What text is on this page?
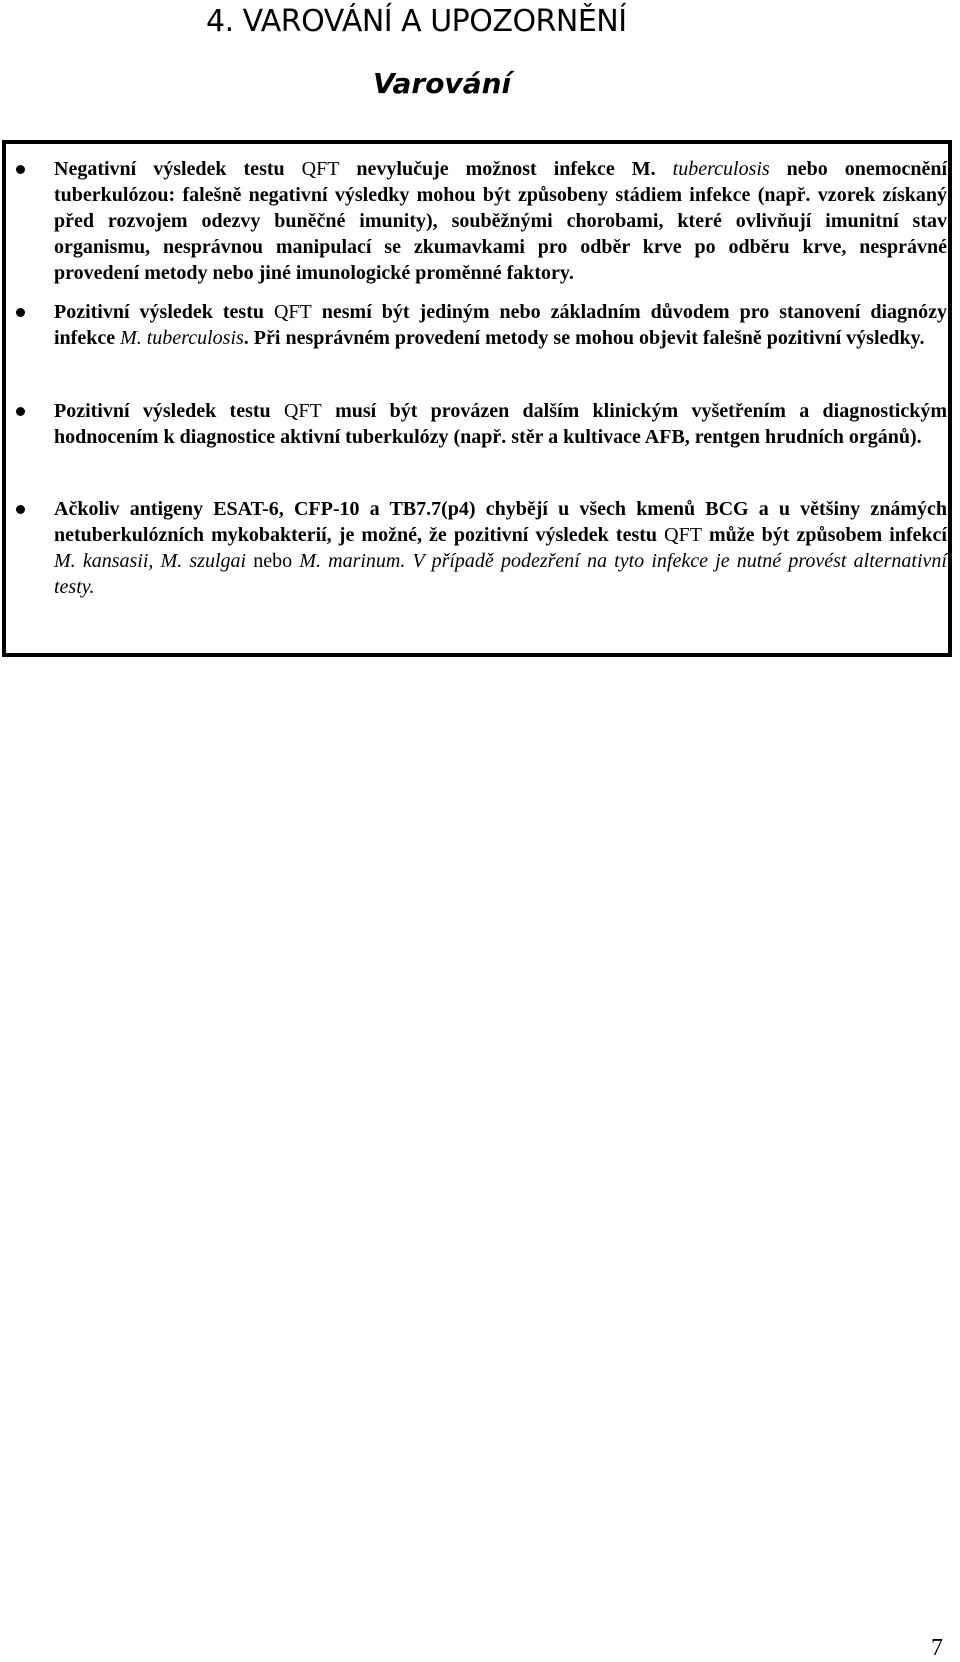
4. VAROVÁNÍ A UPOZORNĚNÍ
Varování

Negativní výsledek testu QFT nevylučuje možnost infekce M. tuberculosis nebo onemocnění tuberkulózou: falešně negativní výsledky mohou být způsobeny stádiem infekce (např. vzorek získaný před rozvojem odezvy buněčné imunity), souběžnými chorobami, které ovlivňují imunitní stav organismu, nesprávnou manipulací se zkumavkami pro odběr krve po odběru krve, nesprávné provedení metody nebo jiné imunologické proměnné faktory.

Pozitivní výsledek testu QFT nesmí být jediným nebo základním důvodem pro stanovení diagnózy infekce M. tuberculosis. Při nesprávném provedení metody se mohou objevit falešně pozitivní výsledky.

Pozitivní výsledek testu QFT musí být provázen dalším klinickým vyšetřením a diagnostickým hodnocením k diagnostice aktivní tuberkulózy (např. stěr a kultivace AFB, rentgen hrudních orgánů).

Ačkoliv antigeny ESAT-6, CFP-10 a TB7.7(p4) chybějí u všech kmenů BCG a u většiny známých netuberkulózních mykobakterií, je možné, že pozitivní výsledek testu QFT může být způsobem infekcí M. kansasii, M. szulgai nebo M. marinum. V případě podezření na tyto infekce je nutné provést alternativní testy.

7
